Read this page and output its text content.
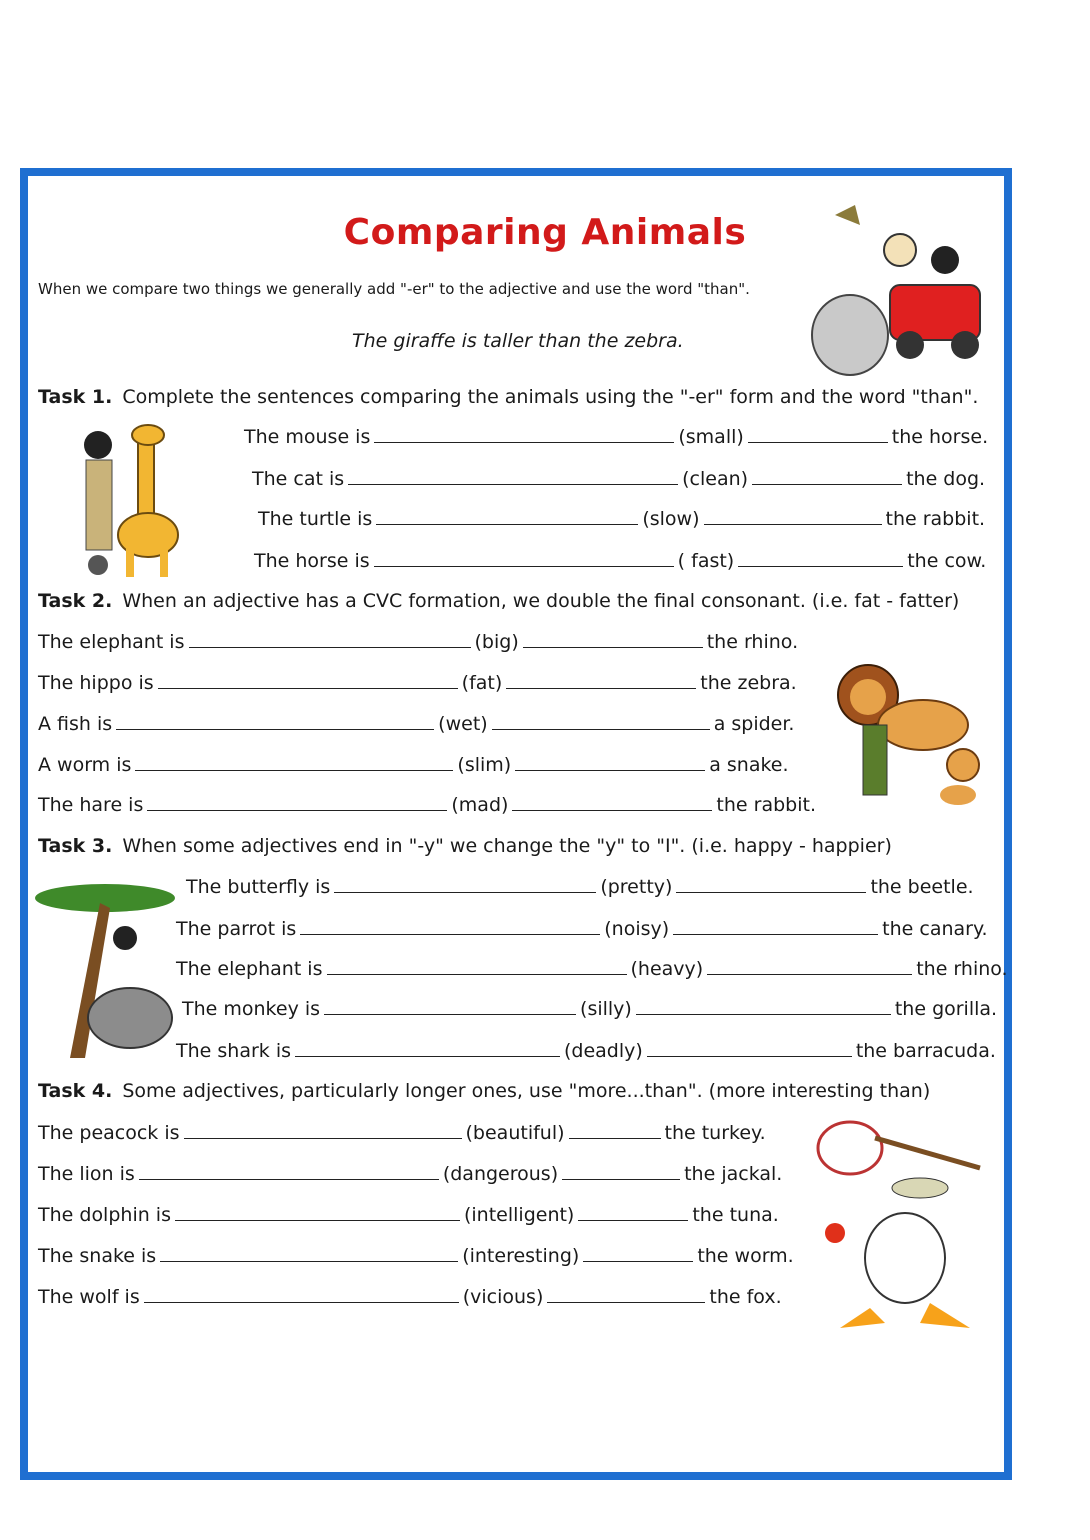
Comparing Animals
When we compare two things we generally add "-er" to the adjective and use the word "than".
The giraffe is taller than the zebra.
Task 1. Complete the sentences comparing the animals using the "-er" form and the word "than".
The mouse is	(small)	the horse.
The cat is	(clean)	the dog.
The turtle is	(slow)	the rabbit.
The horse is	( fast)	the cow.
Task 2. When an adjective has a CVC formation, we double the final consonant. (i.e. fat - fatter)
The elephant is	(big)	the rhino.
The hippo is	(fat)	the zebra.
A fish is	(wet)	a spider.
A worm is	(slim)	a snake.
The hare is	(mad)	the rabbit.
Task 3. When some adjectives end in "-y" we change the "y" to "I". (i.e. happy - happier)
The butterfly is	(pretty)	the beetle.
The parrot is	(noisy)	the canary.
The elephant is	(heavy)	the rhino.
The monkey is	(silly)	the gorilla.
The shark is	(deadly)	the barracuda.
Task 4. Some adjectives, particularly longer ones, use "more...than". (more interesting than)
The peacock is	(beautiful)	the turkey.
The lion is	(dangerous)	the jackal.
The dolphin is	(intelligent)	the tuna.
The snake is	(interesting)	the worm.
The wolf is	(vicious)	the fox.
